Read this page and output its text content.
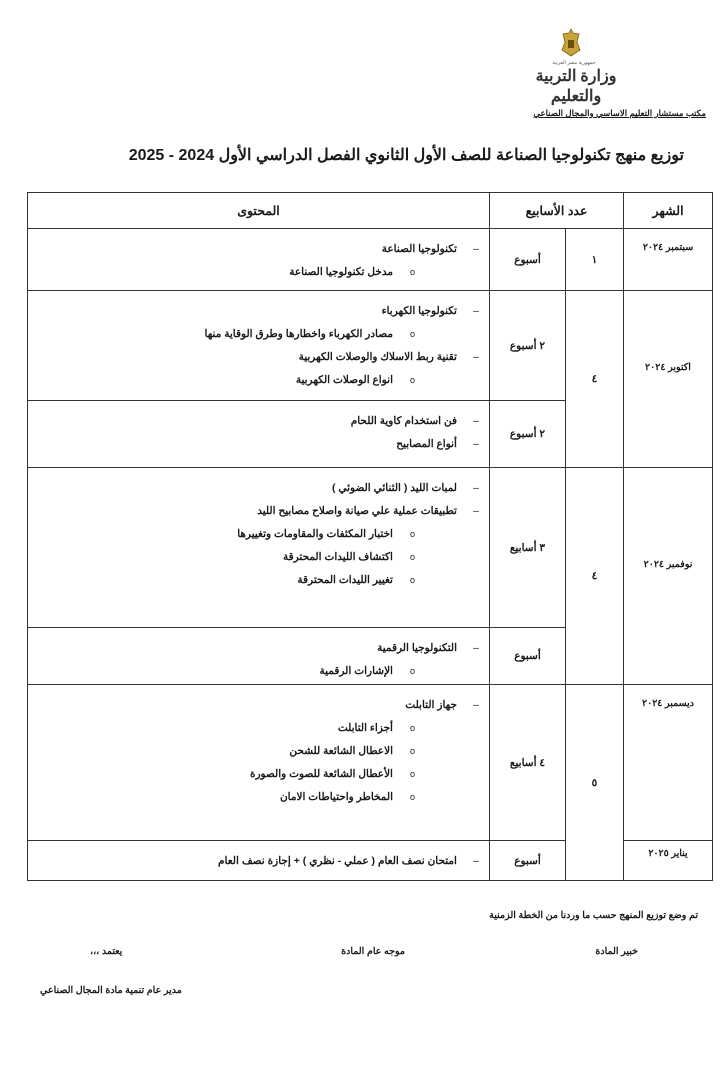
جمهورية مصر العربية
وزارة التربية والتعليم
مكتب مستشار التعليم الاساسي والمجال الصناعي
توزيع منهج تكنولوجيا الصناعة للصف الأول الثانوي الفصل الدراسي الأول 2024 - 2025
الشهر	عدد الأسابيع		المحتوى
سبتمبر ٢٠٢٤	١	أسبوع	–تكنولوجيا الصناعة
oمدخل تكنولوجيا الصناعة

اكتوبر ٢٠٢٤	٤	٢ أسبوع	–تكنولوجيا الكهرباء
oمصادر الكهرباء واخطارها وطرق الوقاية منها
–تقنية ربط الاسلاك والوصلات الكهربية
oانواع الوصلات الكهربية

		٢ أسبوع	–فن استخدام كاوية اللحام
–أنواع المصابيح

نوفمبر ٢٠٢٤	٤	٣ أسابيع	–لمبات الليد ( الثنائي الضوئي )
–تطبيقات عملية علي صيانة واصلاح مصابيح الليد
oاختبار المكثفات والمقاومات وتغييرها
oاكتشاف الليدات المحترقة
oتغيير الليدات المحترقة

		أسبوع	–التكنولوجيا الرقمية
oالإشارات الرقمية

ديسمبر ٢٠٢٤	٥	٤ أسابيع	–جهاز التابلت
oأجزاء التابلت
oالاعطال الشائعة للشحن
oالأعطال الشائعة للصوت والصورة
oالمخاطر واحتياطات الامان

يناير ٢٠٢٥		أسبوع	–امتحان نصف العام ( عملي - نظري ) + إجازة نصف العام
تم وضع توزيع المنهج حسب ما وردنا من الخطة الزمنية
خبير المادة
موجه عام المادة
يعتمد ،،،
مدير عام تنمية مادة المجال الصناعي
